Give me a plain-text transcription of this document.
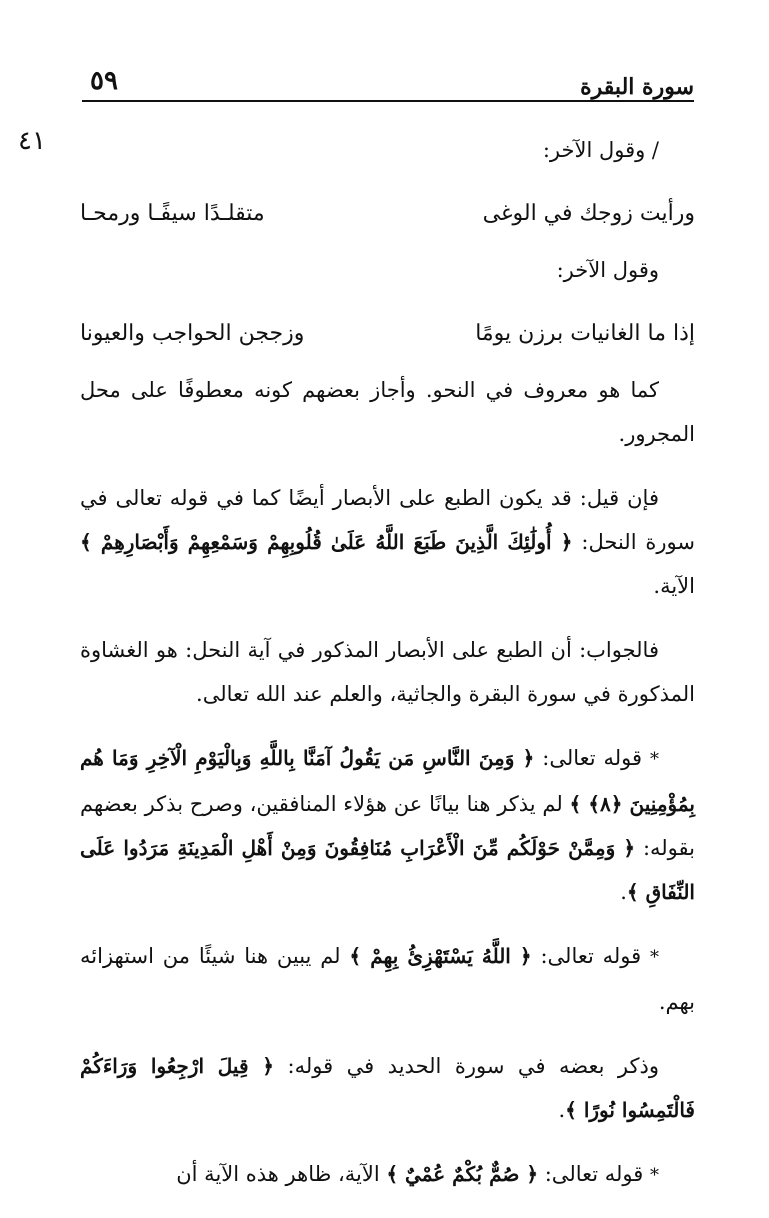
سورة البقرة
٥٩
٤١	/ وقول الآخر:

ورأيت زوجك في الوغى
متقلـدًا سيفًـا ورمحـا

وقول الآخر:

إذا ما الغانيات برزن يومًا
وزججن الحواجب والعيونا

كما هو معروف في النحو. وأجاز بعضهم كونه معطوفًا على محل المجرور.

فإن قيل: قد يكون الطبع على الأبصار أيضًا كما في قوله تعالى في سورة النحل: ﴿ أُولَٰئِكَ الَّذِينَ طَبَعَ اللَّهُ عَلَىٰ قُلُوبِهِمْ وَسَمْعِهِمْ وَأَبْصَارِهِمْ ﴾ الآية.

فالجواب: أن الطبع على الأبصار المذكور في آية النحل: هو الغشاوة المذكورة في سورة البقرة والجاثية، والعلم عند الله تعالى.

* قوله تعالى: ﴿ وَمِنَ النَّاسِ مَن يَقُولُ آمَنَّا بِاللَّهِ وَبِالْيَوْمِ الْآخِرِ وَمَا هُم بِمُؤْمِنِينَ ﴿٨﴾ ﴾ لم يذكر هنا بيانًا عن هؤلاء المنافقين، وصرح بذكر بعضهم بقوله: ﴿ وَمِمَّنْ حَوْلَكُم مِّنَ الْأَعْرَابِ مُنَافِقُونَ وَمِنْ أَهْلِ الْمَدِينَةِ مَرَدُوا عَلَى النِّفَاقِ ﴾.

* قوله تعالى: ﴿ اللَّهُ يَسْتَهْزِئُ بِهِمْ ﴾ لم يبين هنا شيئًا من استهزائه بهم.

وذكر بعضه في سورة الحديد في قوله: ﴿ قِيلَ ارْجِعُوا وَرَاءَكُمْ فَالْتَمِسُوا نُورًا ﴾.

* قوله تعالى: ﴿ صُمٌّ بُكْمٌ عُمْيٌ ﴾ الآية، ظاهر هذه الآية أن
